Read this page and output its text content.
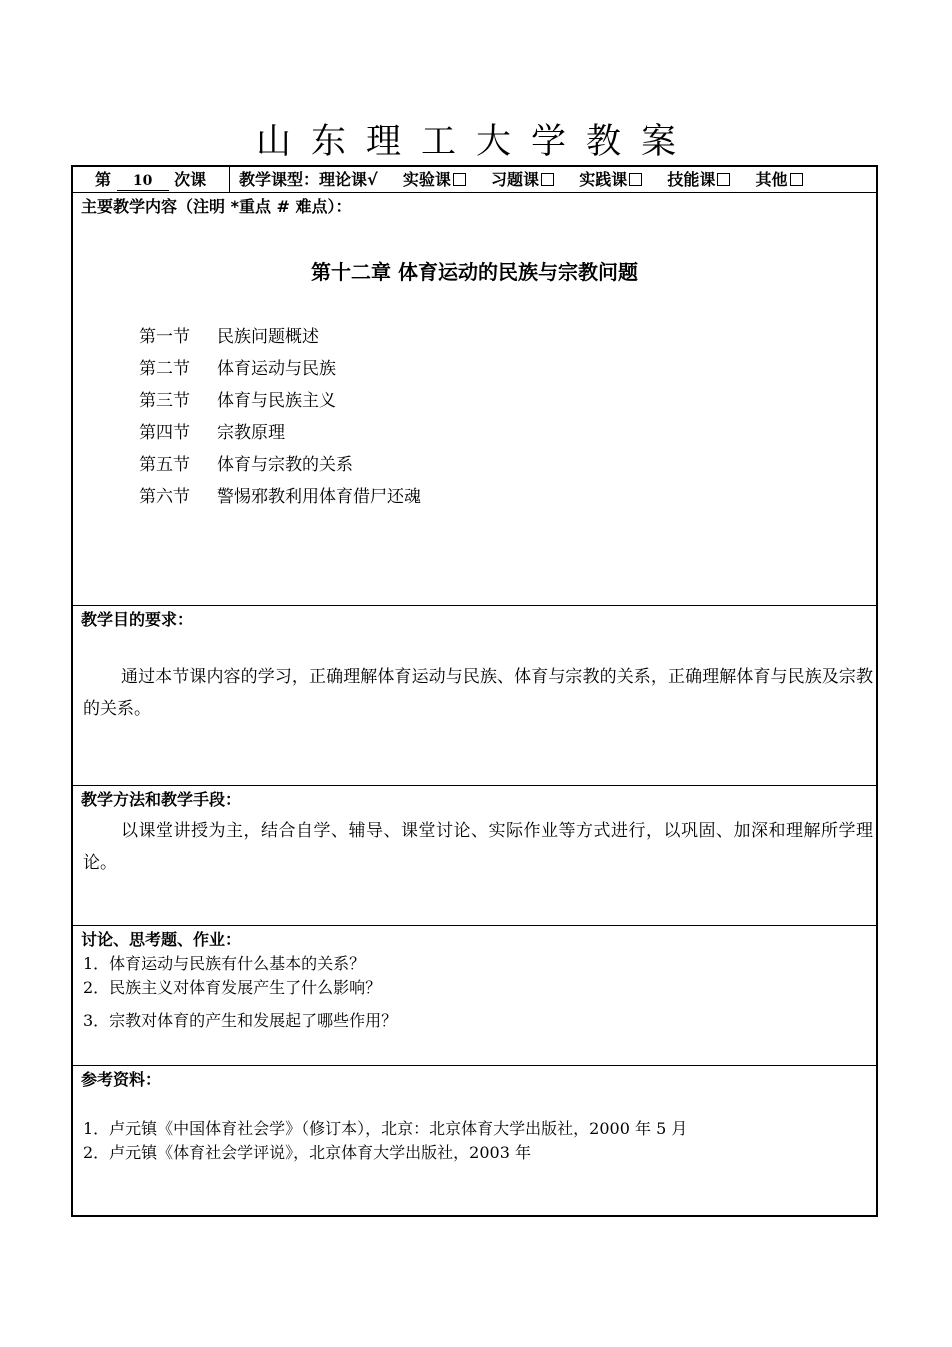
山东理工大学教案
第 10 次课 教学课型：理论课√ 实验课	习题课	实践课	技能课	其他
主要教学内容（注明 *重点 # 难点）：
第十二章 体育运动的民族与宗教问题
第一节 民族问题概述
第二节 体育运动与民族
第三节 体育与民族主义
第四节 宗教原理
第五节 体育与宗教的关系
第六节 警惕邪教利用体育借尸还魂
教学目的要求：
通过本节课内容的学习，正确理解体育运动与民族、体育与宗教的关系，正确理解体育与民族及宗教的关系。
教学方法和教学手段：
以课堂讲授为主，结合自学、辅导、课堂讨论、实际作业等方式进行，以巩固、加深和理解所学理论。
讨论、思考题、作业：
1．体育运动与民族有什么基本的关系？
2．民族主义对体育发展产生了什么影响？
3．宗教对体育的产生和发展起了哪些作用？
参考资料：
1．卢元镇《中国体育社会学》（修订本），北京：北京体育大学出版社，2000 年 5 月
2．卢元镇《体育社会学评说》，北京体育大学出版社，2003 年
